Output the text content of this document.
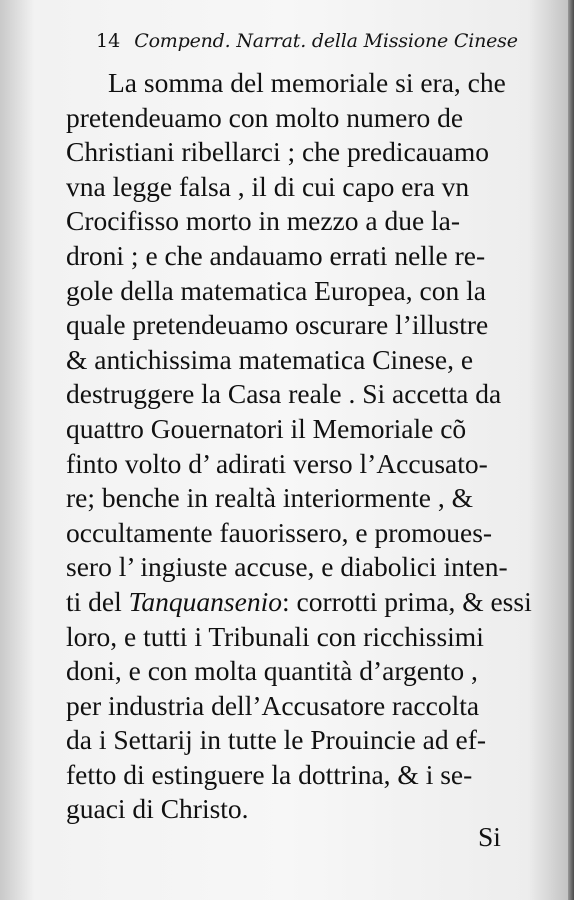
14 Compend. Narrat. della Missione Cinese
La somma del memoriale si era, che
pretendeuamo con molto numero de
Christiani ribellarci ; che predicauamo
vna legge falsa , il di cui capo era vn
Crocifisso morto in mezzo a due la-
droni ; e che andauamo errati nelle re-
gole della matematica Europea, con la
quale pretendeuamo oscurare l’illustre
& antichissima matematica Cinese, e
destruggere la Casa reale . Si accetta da
quattro Gouernatori il Memoriale cõ
finto volto d’ adirati verso l’Accusato-
re; benche in realtà interiormente , &
occultamente fauorissero, e promoues-
sero l’ ingiuste accuse, e diabolici inten-
ti del Tanquansenio: corrotti prima, & essi
loro, e tutti i Tribunali con ricchissimi
doni, e con molta quantità d’argento ,
per industria dell’Accusatore raccolta
da i Settarij in tutte le Prouincie ad ef-
fetto di estinguere la dottrina, & i se-
guaci di Christo.
Si
